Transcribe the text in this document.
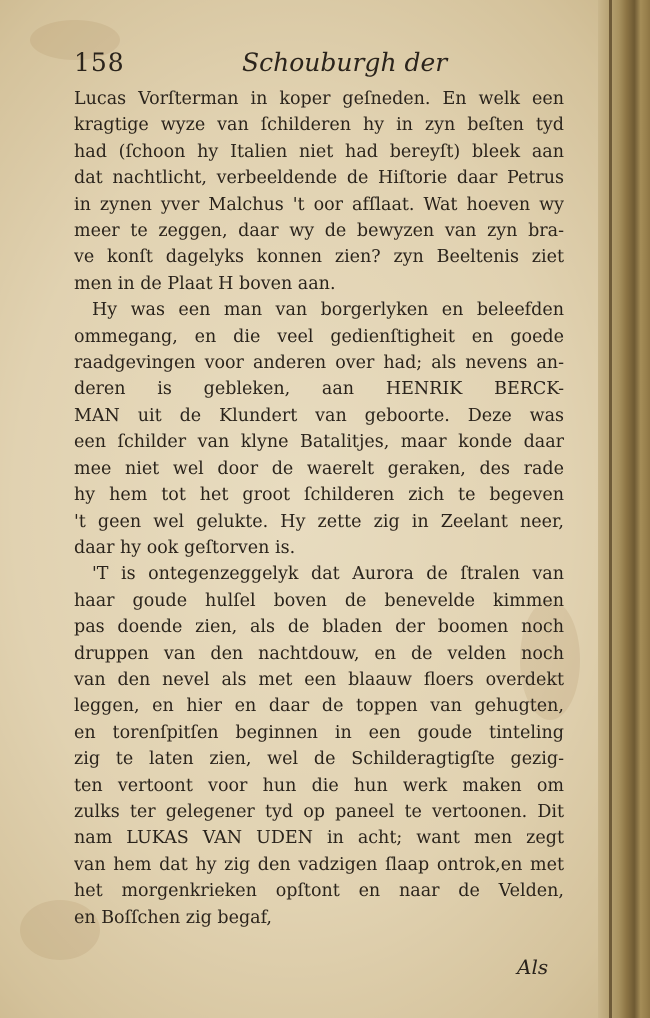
158	Schouburgh der
Lucas Vorſterman in koper geſneden. En welk een
kragtige wyze van ſchilderen hy in zyn beſten tyd
had (ſchoon hy Italien niet had bereyſt) bleek aan
dat nachtlicht, verbeeldende de Hiſtorie daar Petrus
in zynen yver Malchus 't oor afſlaat. Wat hoeven wy
meer te zeggen, daar wy de bewyzen van zyn bra-
ve konſt dagelyks konnen zien? zyn Beeltenis ziet
men in de Plaat H boven aan.
Hy was een man van borgerlyken en beleefden
ommegang, en die veel gedienſtigheit en goede
raadgevingen voor anderen over had; als nevens an-
deren is gebleken, aan HENRIK BERCK-
MAN uit de Klundert van geboorte. Deze was
een ſchilder van klyne Batalitjes, maar konde daar
mee niet wel door de waerelt geraken, des rade
hy hem tot het groot ſchilderen zich te begeven
't geen wel gelukte. Hy zette zig in Zeelant neer,
daar hy ook geſtorven is.
'T is ontegenzeggelyk dat Aurora de ſtralen van
haar goude hulſel boven de benevelde kimmen
pas doende zien, als de bladen der boomen noch
druppen van den nachtdouw, en de velden noch
van den nevel als met een blaauw floers overdekt
leggen, en hier en daar de toppen van gehugten,
en torenſpitſen beginnen in een goude tinteling
zig te laten zien, wel de Schilderagtigſte gezig-
ten vertoont voor hun die hun werk maken om
zulks ter gelegener tyd op paneel te vertoonen. Dit
nam LUKAS VAN UDEN in acht; want men zegt
van hem dat hy zig den vadzigen ſlaap ontrok,en met
het morgenkrieken opſtont en naar de Velden,
en Boſſchen zig begaf,
Als
